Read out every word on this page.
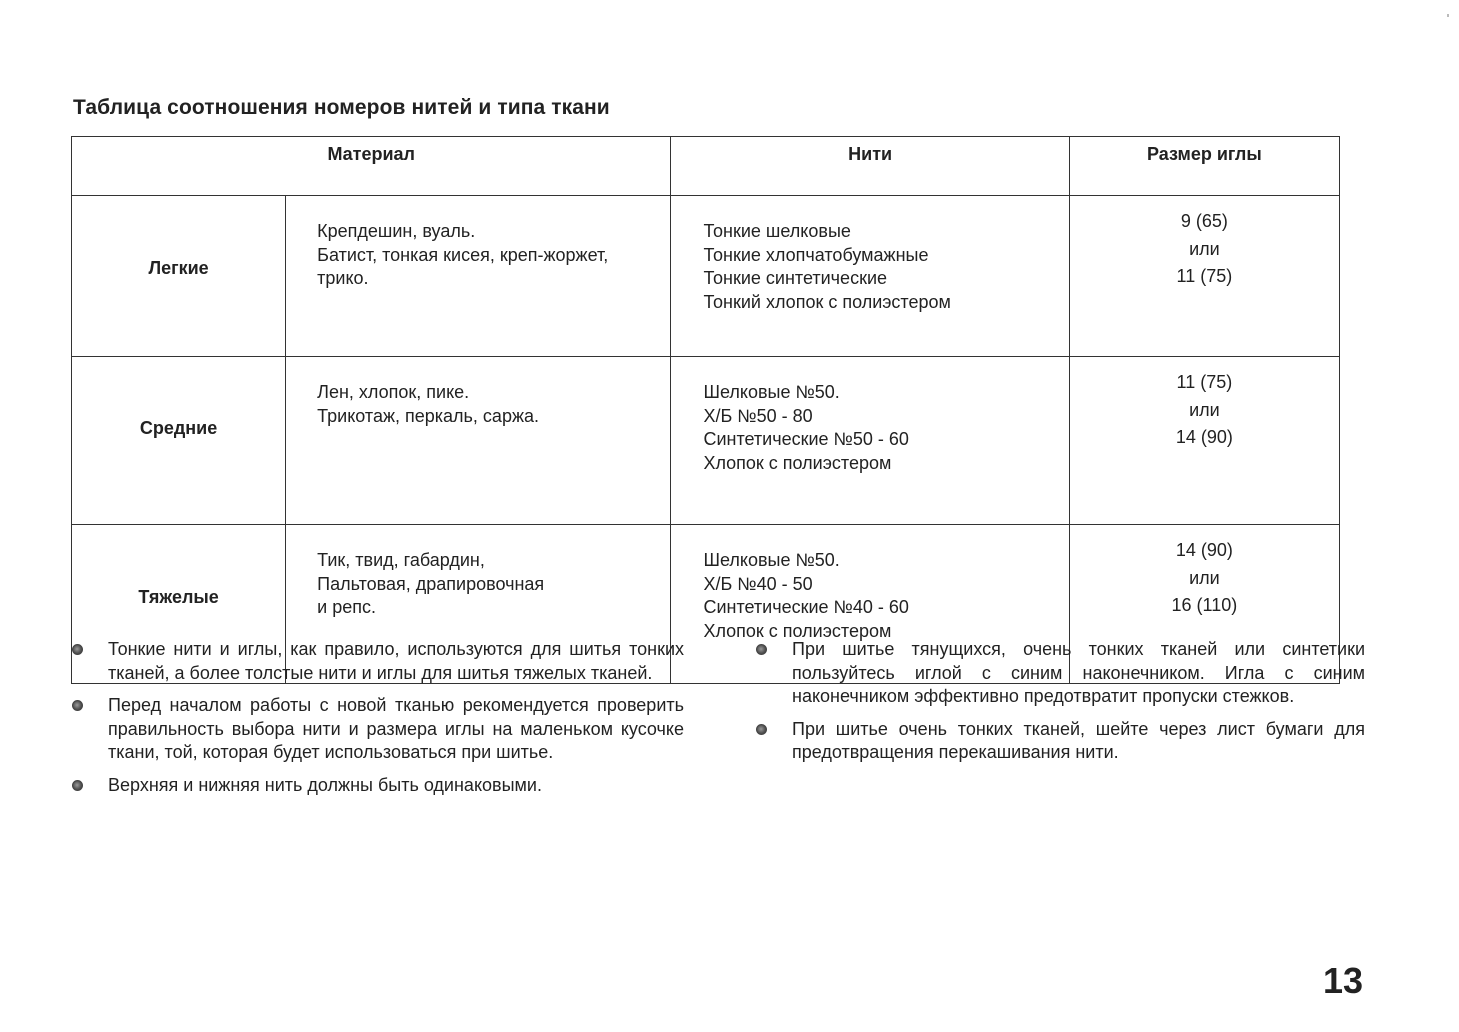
Таблица соотношения номеров нитей и типа ткани
Материал		Нити	Размер иглы
Легкие	Крепдешин, вуаль.
Батист, тонкая кисея, креп-жоржет,
трико.	Тонкие шелковые
Тонкие хлопчатобумажные
Тонкие синтетические
Тонкий хлопок с полиэстером	9 (65)
или
11 (75)

Средние	Лен, хлопок, пике.
Трикотаж, перкаль, саржа.	Шелковые №50.
Х/Б №50 - 80
Синтетические №50 - 60
Хлопок с полиэстером	11 (75)
или
14 (90)

Тяжелые	Тик, твид, габардин,
Пальтовая, драпировочная
и репс.	Шелковые №50.
Х/Б №40 - 50
Синтетические №40 - 60
Хлопок с полиэстером	14 (90)
или
16 (110)
Тонкие нити и иглы, как правило, используются для шитья тонких тканей, а более толстые нити и иглы для шитья тяжелых тканей.
Перед началом работы с новой тканью рекомендуется проверить правильность выбора нити и размера иглы на маленьком кусочке ткани, той, которая будет использоваться при шитье.
Верхняя и нижняя нить должны быть одинаковыми.
При шитье тянущихся, очень тонких тканей или синтетики пользуйтесь иглой с синим наконечником. Игла с синим наконечником эффективно предотвратит пропуски стежков.
При шитье очень тонких тканей, шейте через лист бумаги для предотвращения перекашивания нити.
13
